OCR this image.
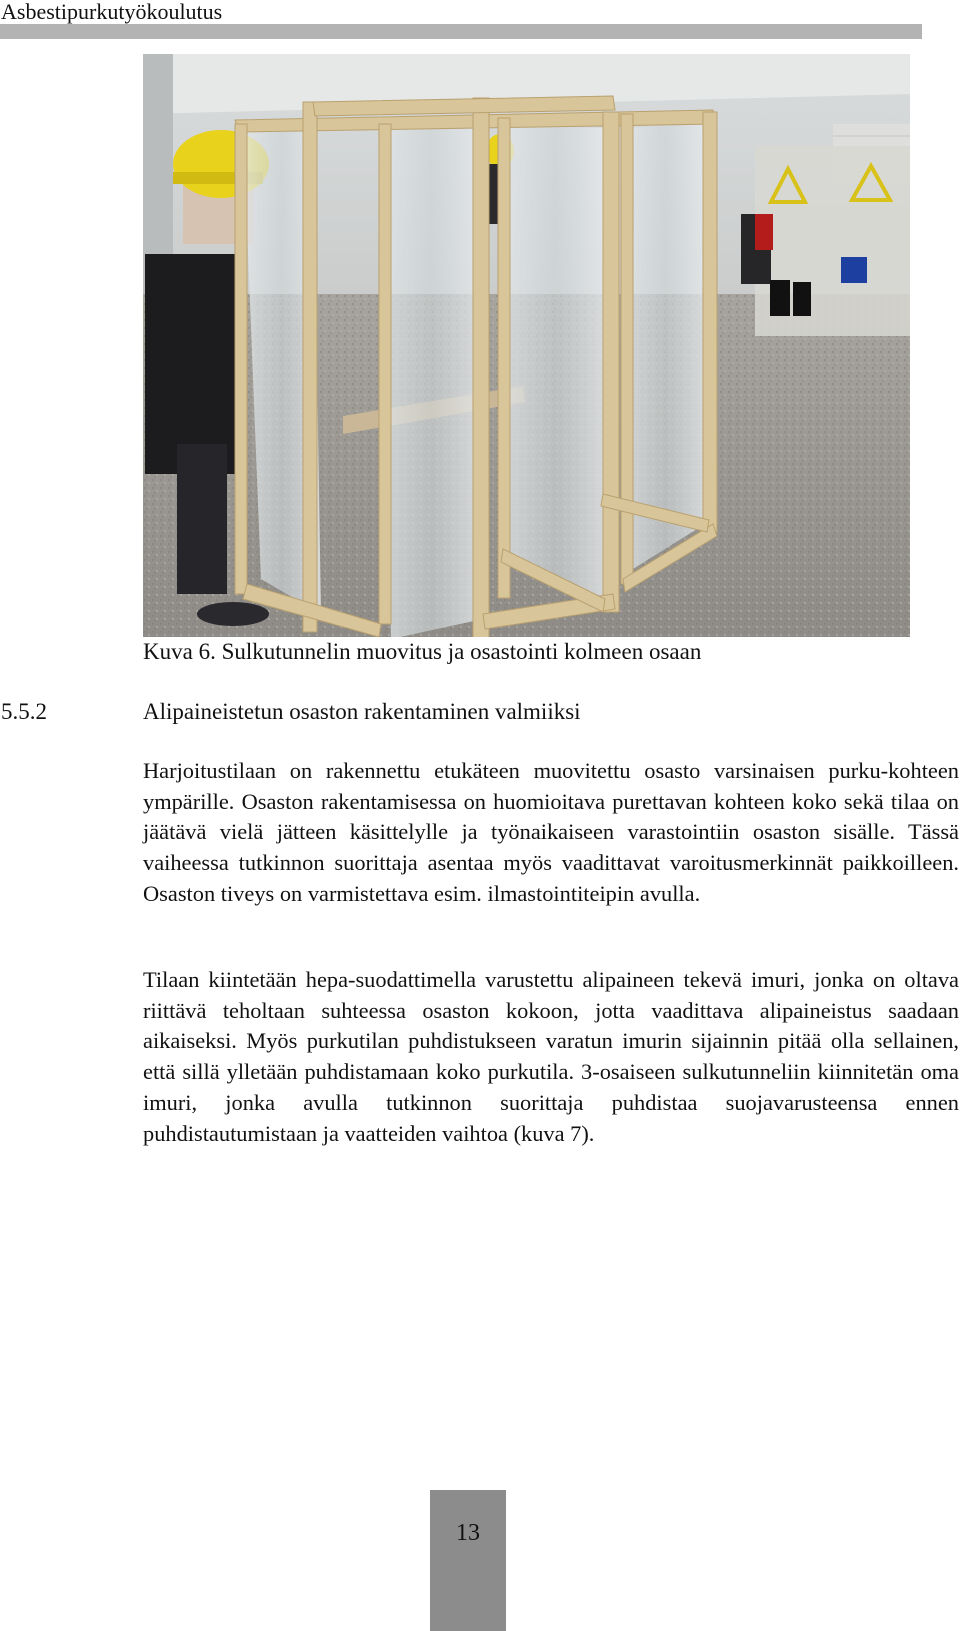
Asbestipurkutyökoulutus
Kuva 6. Sulkutunnelin muovitus ja osastointi kolmeen osaan
5.5.2	Alipaineistetun osaston rakentaminen valmiiksi

Harjoitustilaan on rakennettu etukäteen muovitettu osasto varsinaisen purku-kohteen ympärille. Osaston rakentamisessa on huomioitava purettavan kohteen koko sekä tilaa on jäätävä vielä jätteen käsittelylle ja työnaikaiseen varastointiin osaston sisälle. Tässä vaiheessa tutkinnon suorittaja asentaa myös vaadittavat varoitusmerkinnät paikkoilleen. Osaston tiveys on varmistettava esim. ilmastointiteipin avulla.

Tilaan kiintetään hepa-suodattimella varustettu alipaineen tekevä imuri, jonka on oltava riittävä teholtaan suhteessa osaston kokoon, jotta vaadittava alipaineistus saadaan aikaiseksi. Myös purkutilan puhdistukseen varatun imurin sijainnin pitää olla sellainen, että sillä ylletään puhdistamaan koko purkutila. 3-osaiseen sulkutunneliin kiinnitetän oma imuri, jonka avulla tutkinnon suorittaja puhdistaa suojavarusteensa ennen puhdistautumistaan ja vaatteiden vaihtoa (kuva 7).

13
